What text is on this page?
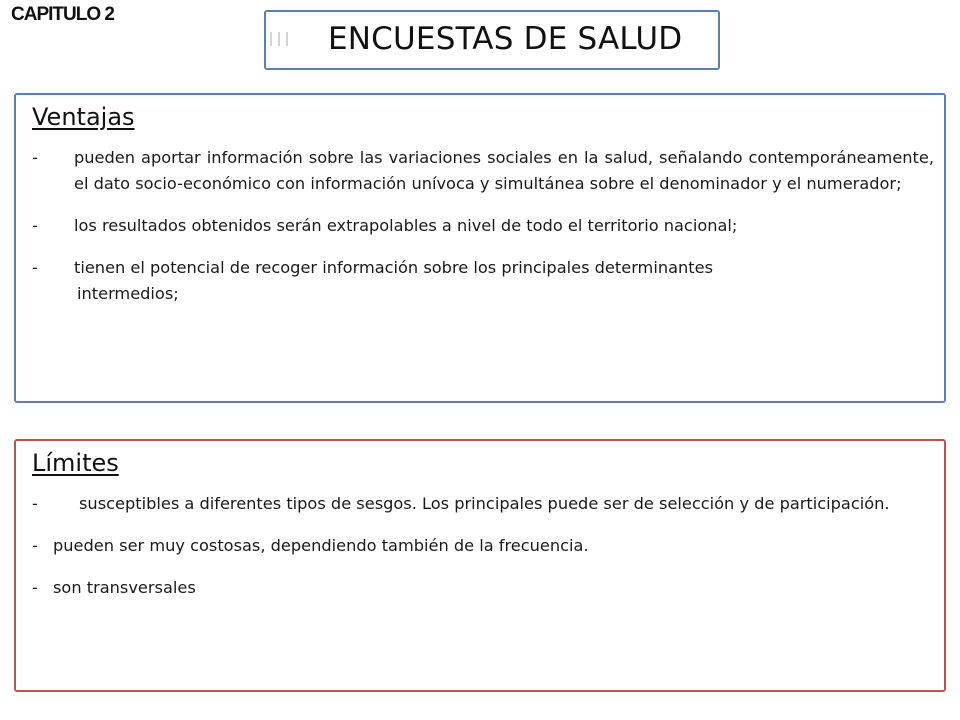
CAPITULO 2
ENCUESTAS DE SALUD
Ventajas
- pueden aportar información sobre las variaciones sociales en la salud, señalando contemporáneamente, el dato socio-económico con información unívoca y simultánea sobre el denominador y el numerador;
- los resultados obtenidos serán extrapolables a nivel de todo el territorio nacional;
- tienen el potencial de recoger información sobre los principales determinantes
intermedios;
Límites
-	susceptibles a diferentes tipos de sesgos. Los principales puede ser de selección y de participación.
- pueden ser muy costosas, dependiendo también de la frecuencia.
- son transversales
